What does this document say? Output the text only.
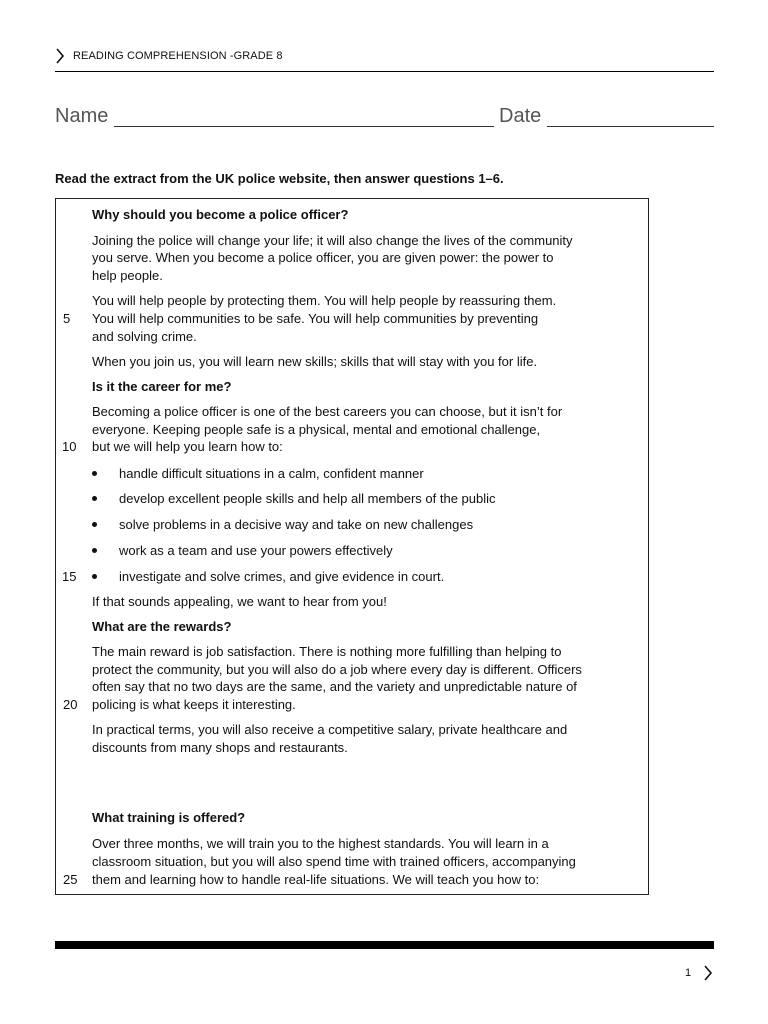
READING COMPREHENSION -GRADE 8
Name	Date
Read the extract from the UK police website, then answer questions 1–6.
Why should you become a police officer?
Joining the police will change your life; it will also change the lives of the community
you serve. When you become a police officer, you are given power: the power to
help people.
You will help people by protecting them. You will help people by reassuring them.
You will help communities to be safe. You will help communities by preventing
and solving crime.
When you join us, you will learn new skills; skills that will stay with you for life.
Is it the career for me?
Becoming a police officer is one of the best careers you can choose, but it isn’t for
everyone. Keeping people safe is a physical, mental and emotional challenge,
but we will help you learn how to:
handle difficult situations in a calm, confident manner
develop excellent people skills and help all members of the public
solve problems in a decisive way and take on new challenges
work as a team and use your powers effectively
investigate and solve crimes, and give evidence in court.
If that sounds appealing, we want to hear from you!
What are the rewards?
The main reward is job satisfaction. There is nothing more fulfilling than helping to
protect the community, but you will also do a job where every day is different. Officers
often say that no two days are the same, and the variety and unpredictable nature of
policing is what keeps it interesting.
In practical terms, you will also receive a competitive salary, private healthcare and
discounts from many shops and restaurants.
What training is offered?
Over three months, we will train you to the highest standards. You will learn in a
classroom situation, but you will also spend time with trained officers, accompanying
them and learning how to handle real-life situations. We will teach you how to:
5
10
15
20
25
1
